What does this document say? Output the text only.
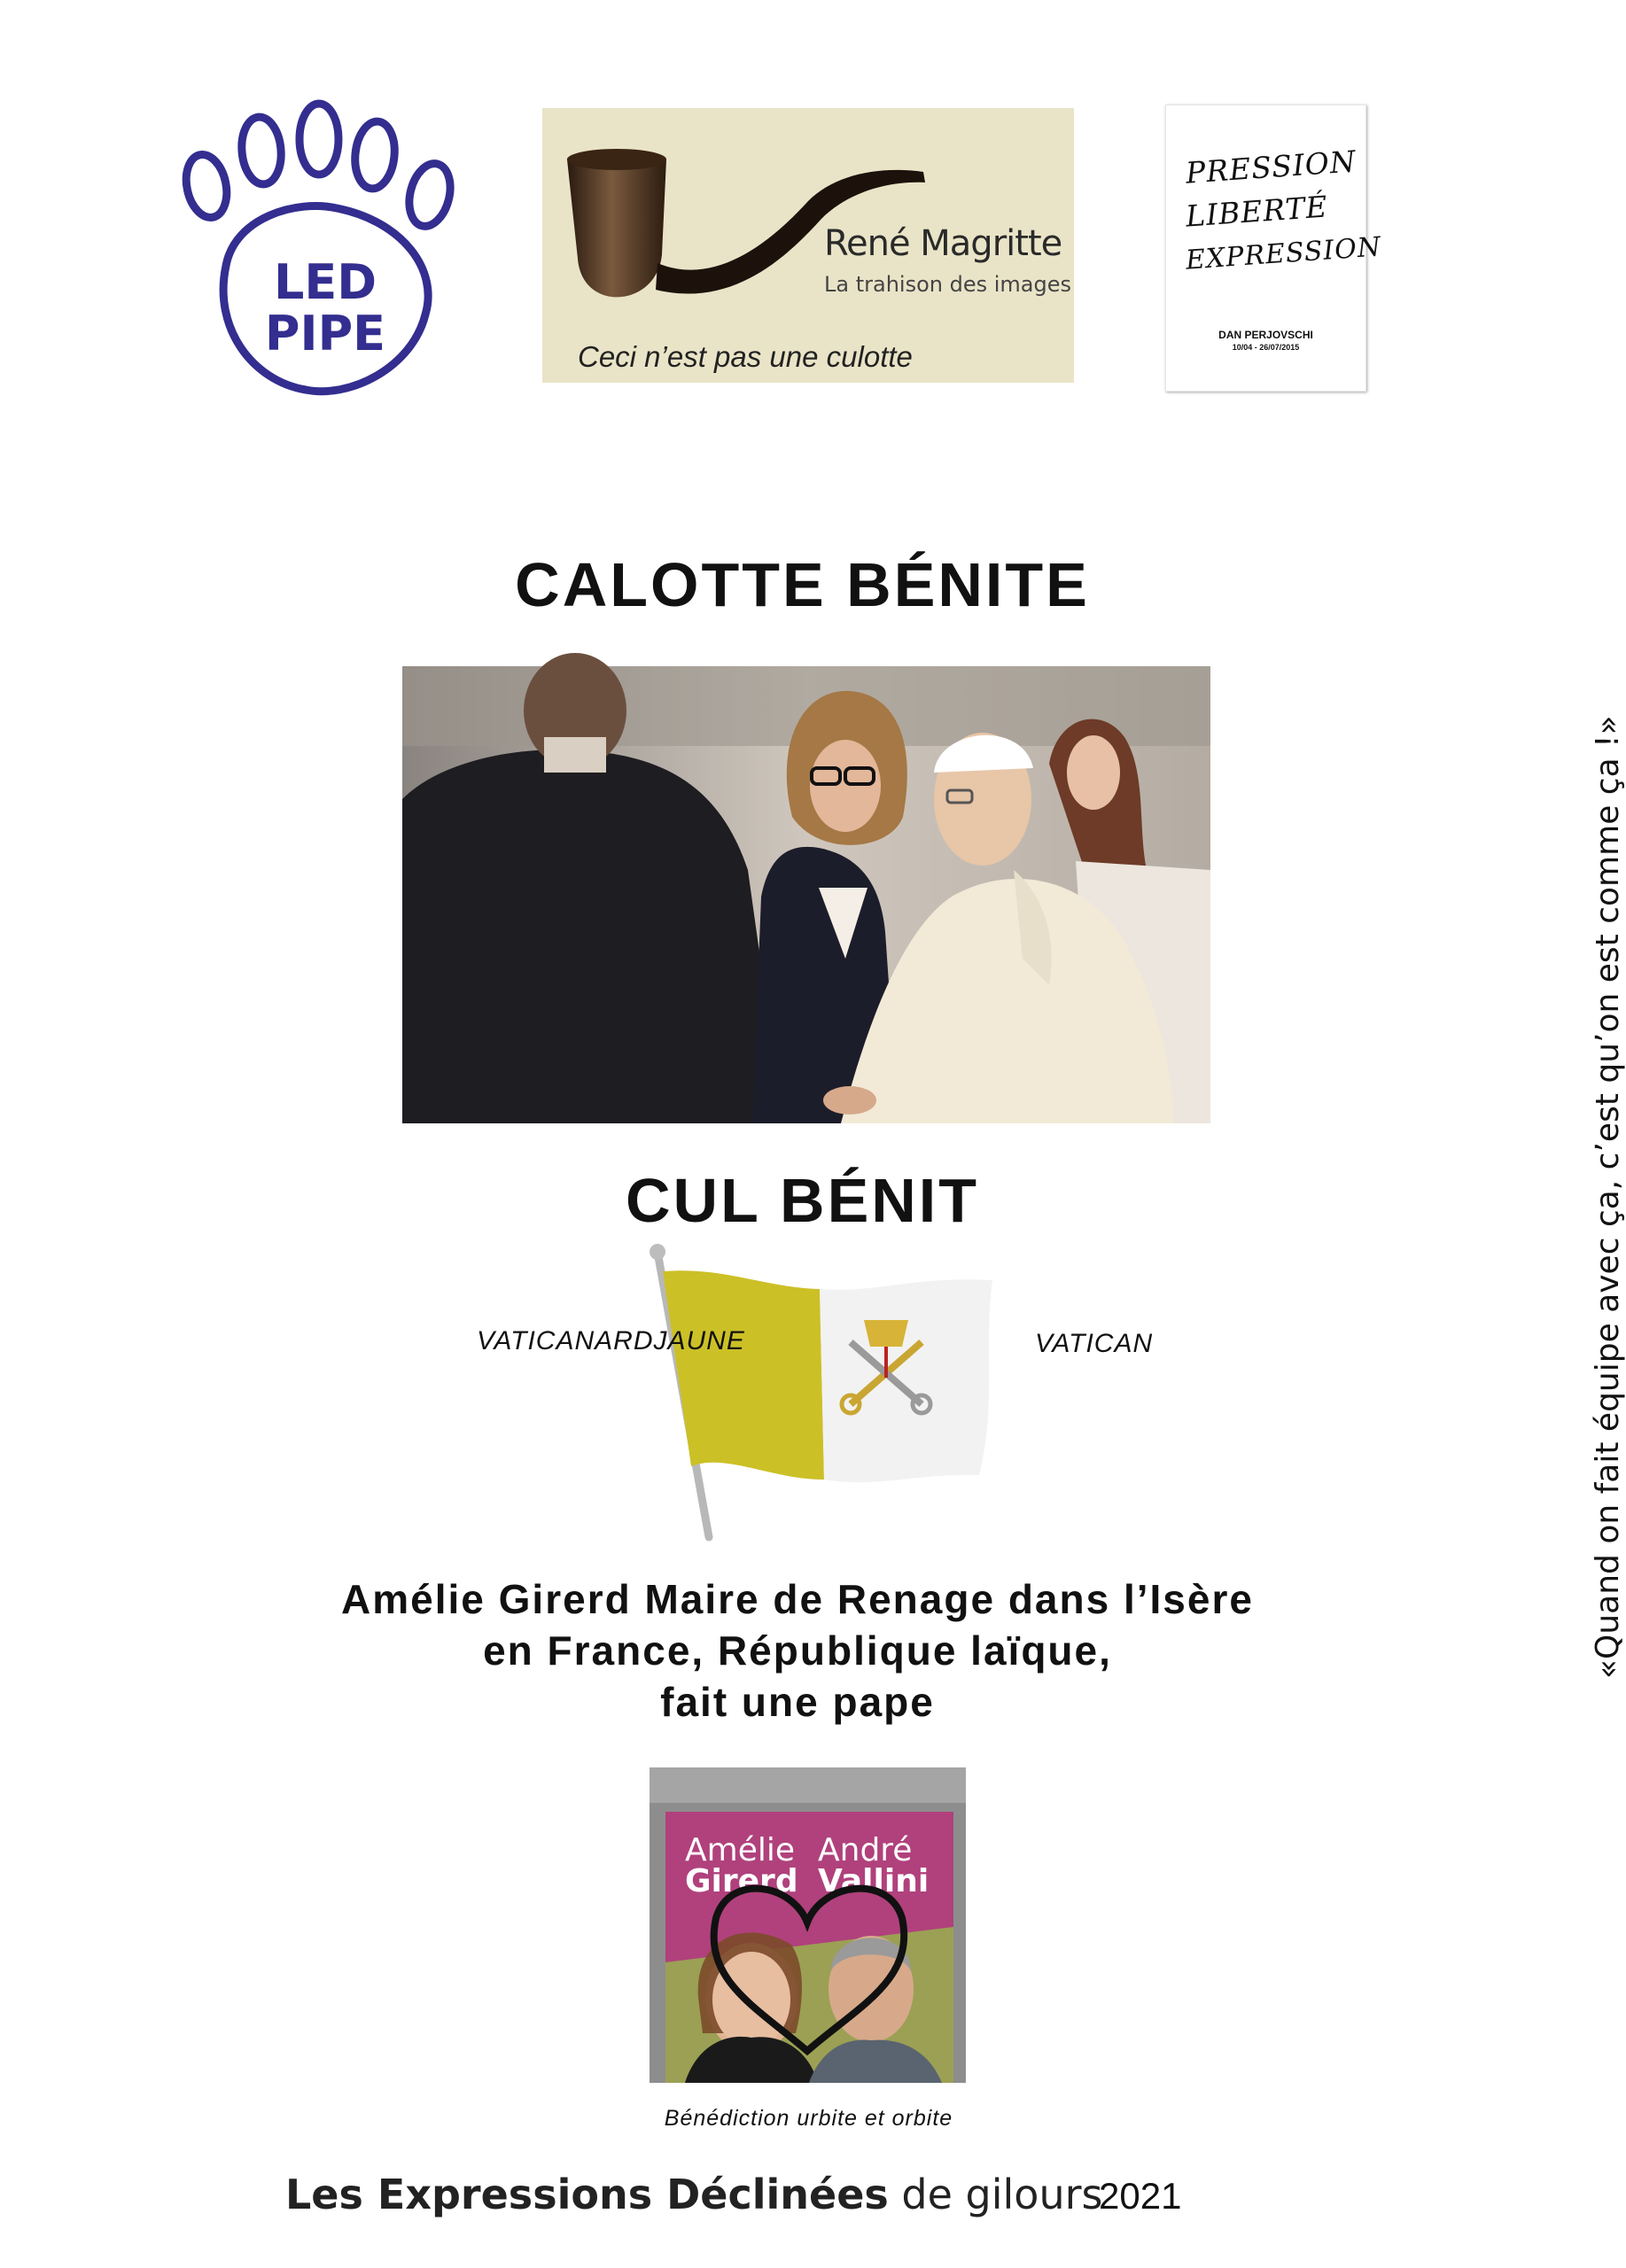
LED
PIPE
René Magritte
La trahison des images
Ceci n’est pas une culotte
PRESSION
LIBERTÉ
EXPRESSION
DAN PERJOVSCHI
10/04 - 26/07/2015
CALOTTE BÉNITE
CUL BÉNIT
VATICANARDJAUNE	VATICAN
Amélie Girerd Maire de Renage dans l’Isère
en France, République laïque,
fait une pape
Amélie
Girerd
André
Vallini
Bénédiction urbite et orbite
Les Expressions Déclinées de gilours
2021
«Quand on fait équipe avec ça, c’est qu’on est comme ça !»
